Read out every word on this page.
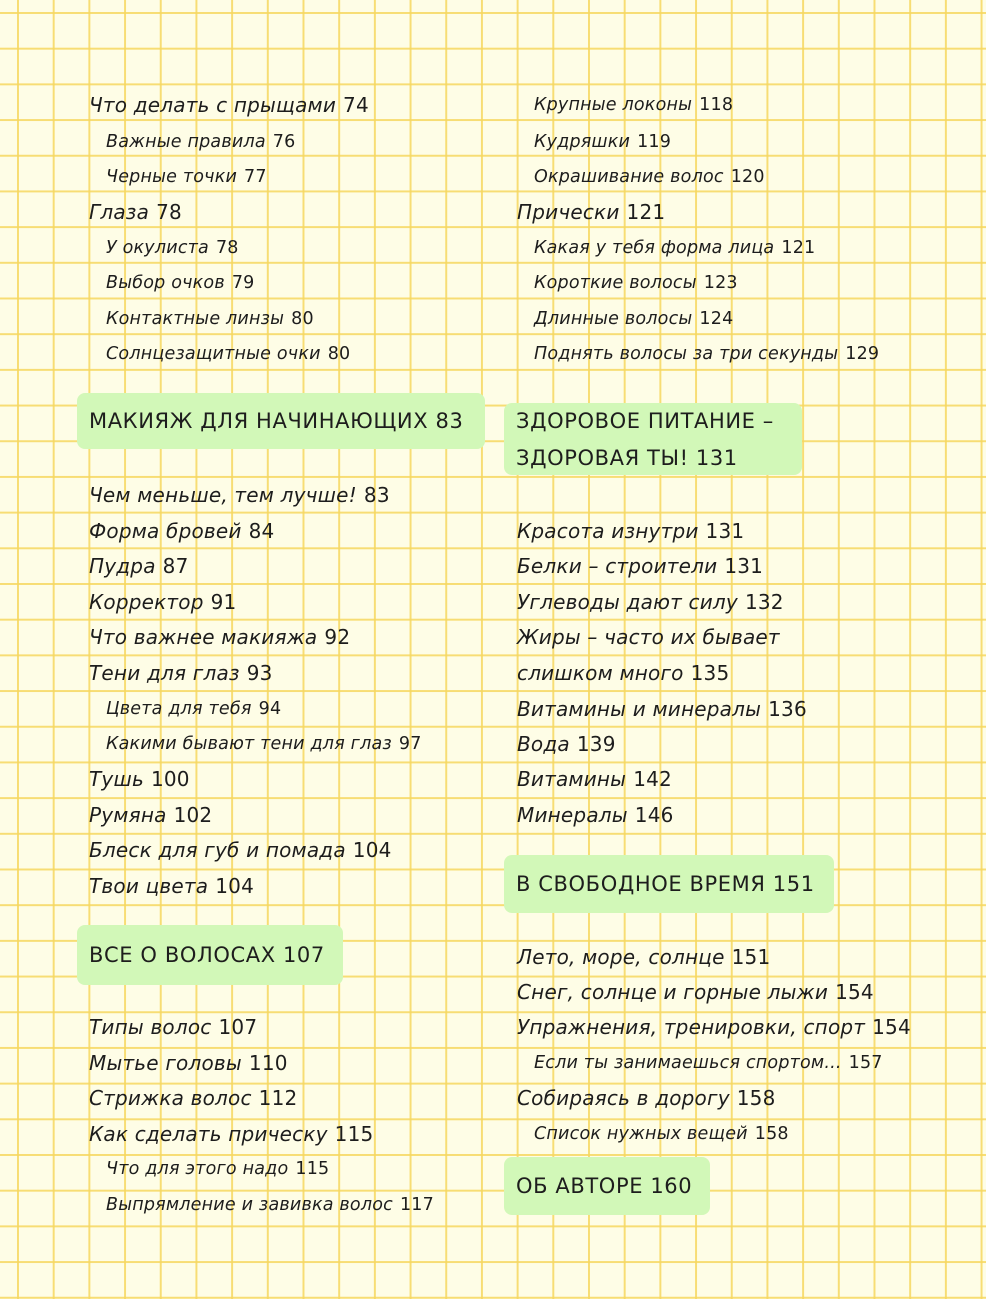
Что делать с прыщами 74
Важные правила 76
Черные точки 77
Глаза 78
У окулиста 78
Выбор очков 79
Контактные линзы 80
Солнцезащитные очки 80
МАКИЯЖ ДЛЯ НАЧИНАЮЩИХ 83
Чем меньше, тем лучше! 83
Форма бровей 84
Пудра 87
Корректор 91
Что важнее макияжа 92
Тени для глаз 93
Цвета для тебя 94
Какими бывают тени для глаз 97
Тушь 100
Румяна 102
Блеск для губ и помада 104
Твои цвета 104
ВСЕ О ВОЛОСАХ 107
Типы волос 107
Мытье головы 110
Стрижка волос 112
Как сделать прическу 115
Что для этого надо 115
Выпрямление и завивка волос 117
Крупные локоны 118
Кудряшки 119
Окрашивание волос 120
Прически 121
Какая у тебя форма лица 121
Короткие волосы 123
Длинные волосы 124
Поднять волосы за три секунды 129
ЗДОРОВОЕ ПИТАНИЕ –
ЗДОРОВАЯ ТЫ! 131
Красота изнутри 131
Белки – строители 131
Углеводы дают силу 132
Жиры – часто их бывает
слишком много 135
Витамины и минералы 136
Вода 139
Витамины 142
Минералы 146
В СВОБОДНОЕ ВРЕМЯ 151
Лето, море, солнце 151
Снег, солнце и горные лыжи 154
Упражнения, тренировки, спорт 154
Если ты занимаешься спортом... 157
Собираясь в дорогу 158
Список нужных вещей 158
ОБ АВТОРЕ 160
